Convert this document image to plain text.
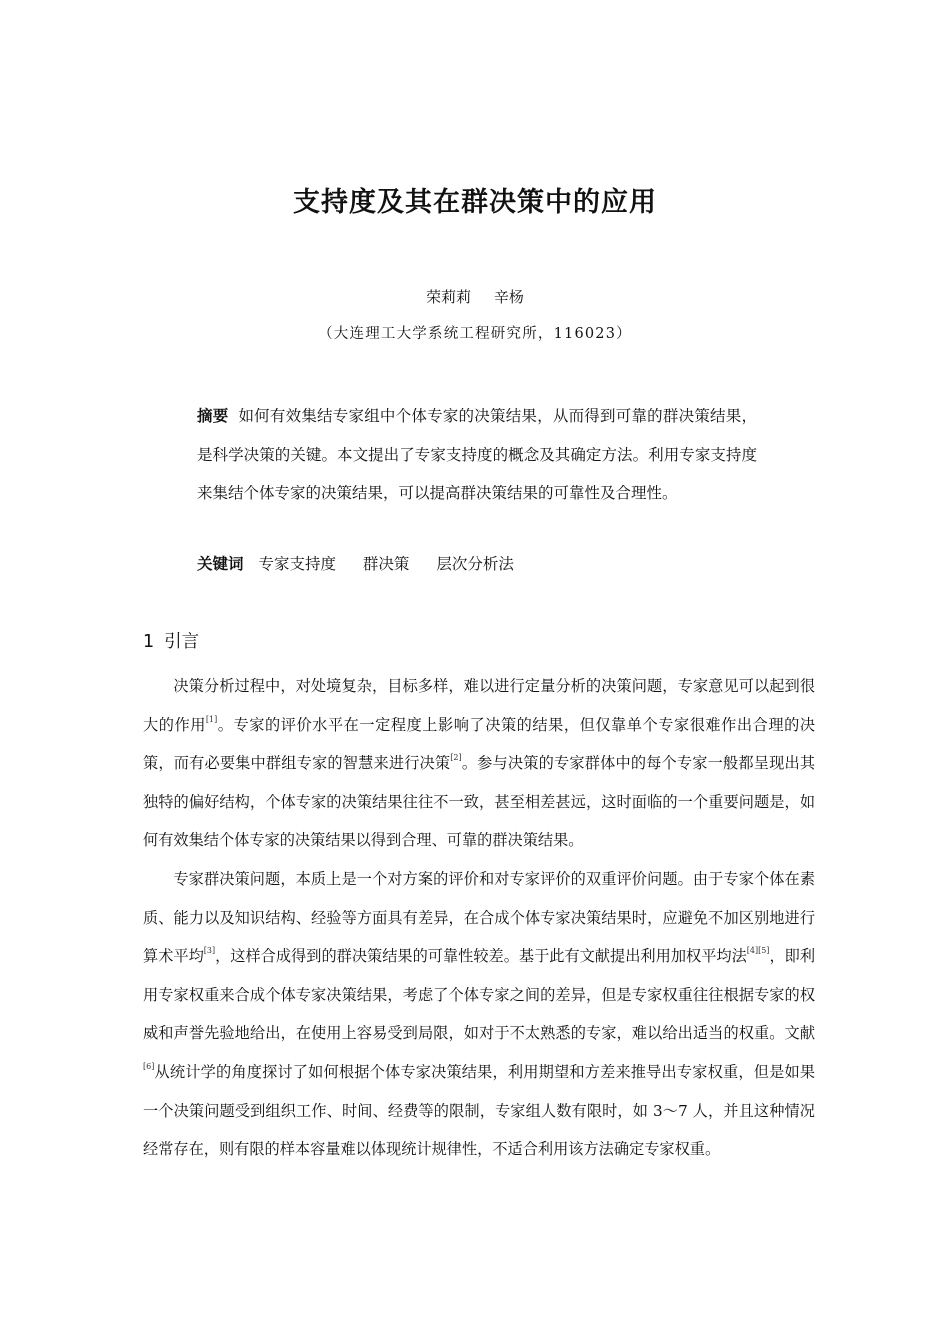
支持度及其在群决策中的应用
荣莉莉 辛杨
（大连理工大学系统工程研究所，116023）
摘要 如何有效集结专家组中个体专家的决策结果，从而得到可靠的群决策结果，是科学决策的关键。本文提出了专家支持度的概念及其确定方法。利用专家支持度来集结个体专家的决策结果，可以提高群决策结果的可靠性及合理性。
关键词 专家支持度 群决策 层次分析法
1 引言

决策分析过程中，对处境复杂，目标多样，难以进行定量分析的决策问题，专家意见可以起到很大的作用[1]。专家的评价水平在一定程度上影响了决策的结果，但仅靠单个专家很难作出合理的决策，而有必要集中群组专家的智慧来进行决策[2]。参与决策的专家群体中的每个专家一般都呈现出其独特的偏好结构，个体专家的决策结果往往不一致，甚至相差甚远，这时面临的一个重要问题是，如何有效集结个体专家的决策结果以得到合理、可靠的群决策结果。

专家群决策问题，本质上是一个对方案的评价和对专家评价的双重评价问题。由于专家个体在素质、能力以及知识结构、经验等方面具有差异，在合成个体专家决策结果时，应避免不加区别地进行算术平均[3]，这样合成得到的群决策结果的可靠性较差。基于此有文献提出利用加权平均法[4][5]，即利用专家权重来合成个体专家决策结果，考虑了个体专家之间的差异，但是专家权重往往根据专家的权威和声誉先验地给出，在使用上容易受到局限，如对于不太熟悉的专家，难以给出适当的权重。文献[6]从统计学的角度探讨了如何根据个体专家决策结果，利用期望和方差来推导出专家权重，但是如果一个决策问题受到组织工作、时间、经费等的限制，专家组人数有限时，如 3～7 人，并且这种情况经常存在，则有限的样本容量难以体现统计规律性，不适合利用该方法确定专家权重。
